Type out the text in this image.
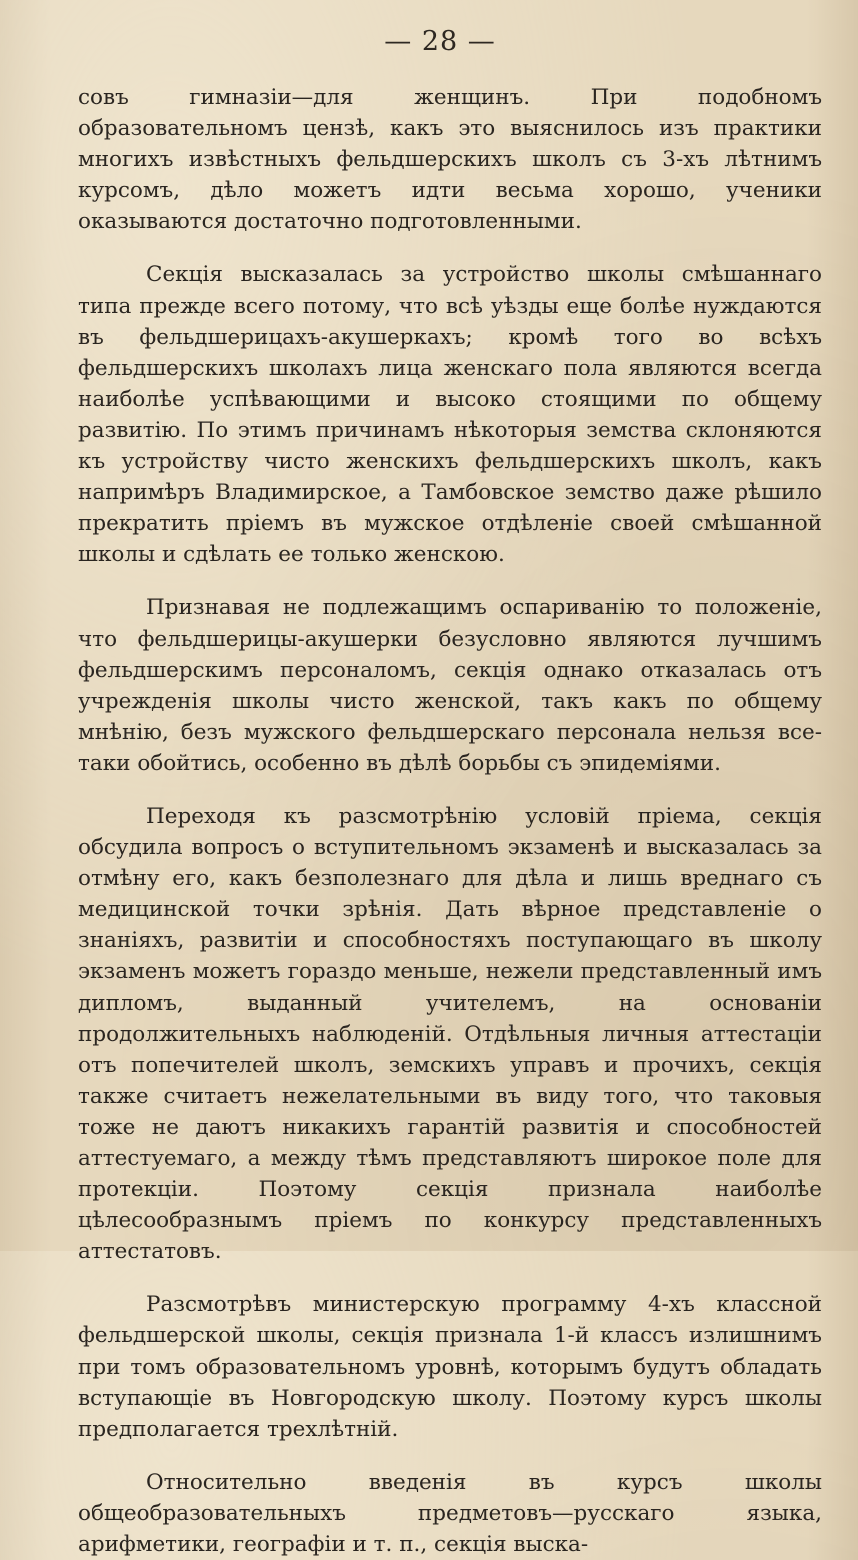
— 28 —

совъ гимназіи—для женщинъ. При подобномъ образовательномъ цензѣ, какъ это выяснилось изъ практики многихъ извѣстныхъ фельдшерскихъ школъ съ 3-хъ лѣтнимъ курсомъ, дѣло можетъ идти весьма хорошо, ученики оказываются достаточно подготовленными.

Секція высказалась за устройство школы смѣшаннаго типа прежде всего потому, что всѣ уѣзды еще болѣе нуждаются въ фельдшерицахъ-акушеркахъ; кромѣ того во всѣхъ фельдшерскихъ школахъ лица женскаго пола являются всегда наиболѣе успѣвающими и высоко стоящими по общему развитію. По этимъ причинамъ нѣкоторыя земства склоняются къ устройству чисто женскихъ фельдшерскихъ школъ, какъ напримѣръ Владимирское, а Тамбовское земство даже рѣшило прекратить пріемъ въ мужское отдѣленіе своей смѣшанной школы и сдѣлать ее только женскою.

Признавая не подлежащимъ оспариванію то положеніе, что фельдшерицы-акушерки безусловно являются лучшимъ фельдшерскимъ персоналомъ, секція однако отказалась отъ учрежденія школы чисто женской, такъ какъ по общему мнѣнію, безъ мужского фельдшерскаго персонала нельзя все-таки обойтись, особенно въ дѣлѣ борьбы съ эпидеміями.

Переходя къ разсмотрѣнію условій пріема, секція обсудила вопросъ о вступительномъ экзаменѣ и высказалась за отмѣну его, какъ безполезнаго для дѣла и лишь вреднаго съ медицинской точки зрѣнія. Дать вѣрное представленіе о знаніяхъ, развитіи и способностяхъ поступающаго въ школу экзаменъ можетъ гораздо меньше, нежели представленный имъ дипломъ, выданный учителемъ, на основаніи продолжительныхъ наблюденій. Отдѣльныя личныя аттестаціи отъ попечителей школъ, земскихъ управъ и прочихъ, секція также считаетъ нежелательными въ виду того, что таковыя тоже не даютъ никакихъ гарантій развитія и способностей аттестуемаго, а между тѣмъ представляютъ широкое поле для протекціи. Поэтому секція признала наиболѣе цѣлесообразнымъ пріемъ по конкурсу представленныхъ аттестатовъ.

Разсмотрѣвъ министерскую программу 4-хъ классной фельдшерской школы, секція признала 1-й классъ излишнимъ при томъ образовательномъ уровнѣ, которымъ будутъ обладать вступающіе въ Новгородскую школу. Поэтому курсъ школы предполагается трехлѣтній.

Относительно введенія въ курсъ школы общеобразовательныхъ предметовъ—русскаго языка, арифметики, географіи и т. п., секція выска-
